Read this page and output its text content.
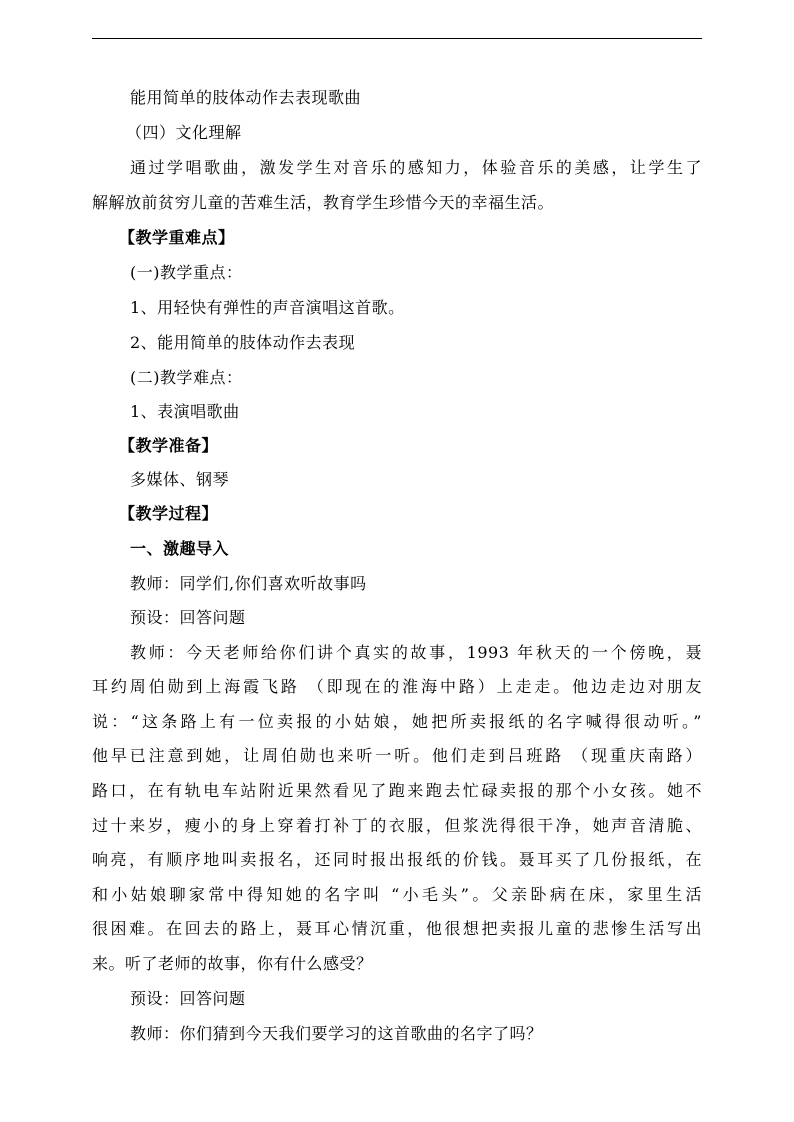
能用简单的肢体动作去表现歌曲
（四）文化理解
通过学唱歌曲，激发学生对音乐的感知力，体验音乐的美感，让学生了
解解放前贫穷儿童的苦难生活，教育学生珍惜今天的幸福生活。
【教学重难点】
(一)教学重点：
1、用轻快有弹性的声音演唱这首歌。
2、能用简单的肢体动作去表现
(二)教学难点：
1、表演唱歌曲
【教学准备】
多媒体、钢琴
【教学过程】
一、激趣导入
教师：同学们,你们喜欢听故事吗
预设：回答问题
教师：今天老师给你们讲个真实的故事，1993 年秋天的一个傍晚，聂
耳约周伯勋到上海霞飞路 （即现在的淮海中路）上走走。他边走边对朋友
说：“这条路上有一位卖报的小姑娘，她把所卖报纸的名字喊得很动听。”
他早已注意到她，让周伯勋也来听一听。他们走到吕班路 （现重庆南路）
路口，在有轨电车站附近果然看见了跑来跑去忙碌卖报的那个小女孩。她不
过十来岁，瘦小的身上穿着打补丁的衣服，但浆洗得很干净，她声音清脆、
响亮，有顺序地叫卖报名，还同时报出报纸的价钱。聂耳买了几份报纸，在
和小姑娘聊家常中得知她的名字叫 “小毛头”。父亲卧病在床，家里生活
很困难。在回去的路上，聂耳心情沉重，他很想把卖报儿童的悲惨生活写出
来。听了老师的故事，你有什么感受？
预设：回答问题
教师：你们猜到今天我们要学习的这首歌曲的名字了吗？
